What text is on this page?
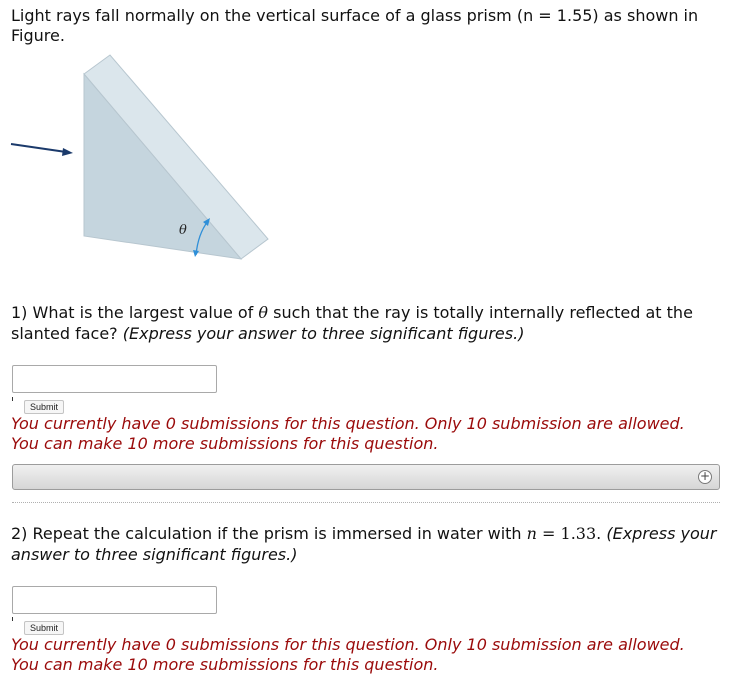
Light rays fall normally on the vertical surface of a glass prism (n = 1.55) as shown in Figure.
θ
1) What is the largest value of θ such that the ray is totally internally reflected at the slanted face? (Express your answer to three significant figures.)
Submit
You currently have 0 submissions for this question. Only 10 submission are allowed.
You can make 10 more submissions for this question.
+
2) Repeat the calculation if the prism is immersed in water with n = 1.33. (Express your answer to three significant figures.)
Submit
You currently have 0 submissions for this question. Only 10 submission are allowed.
You can make 10 more submissions for this question.
